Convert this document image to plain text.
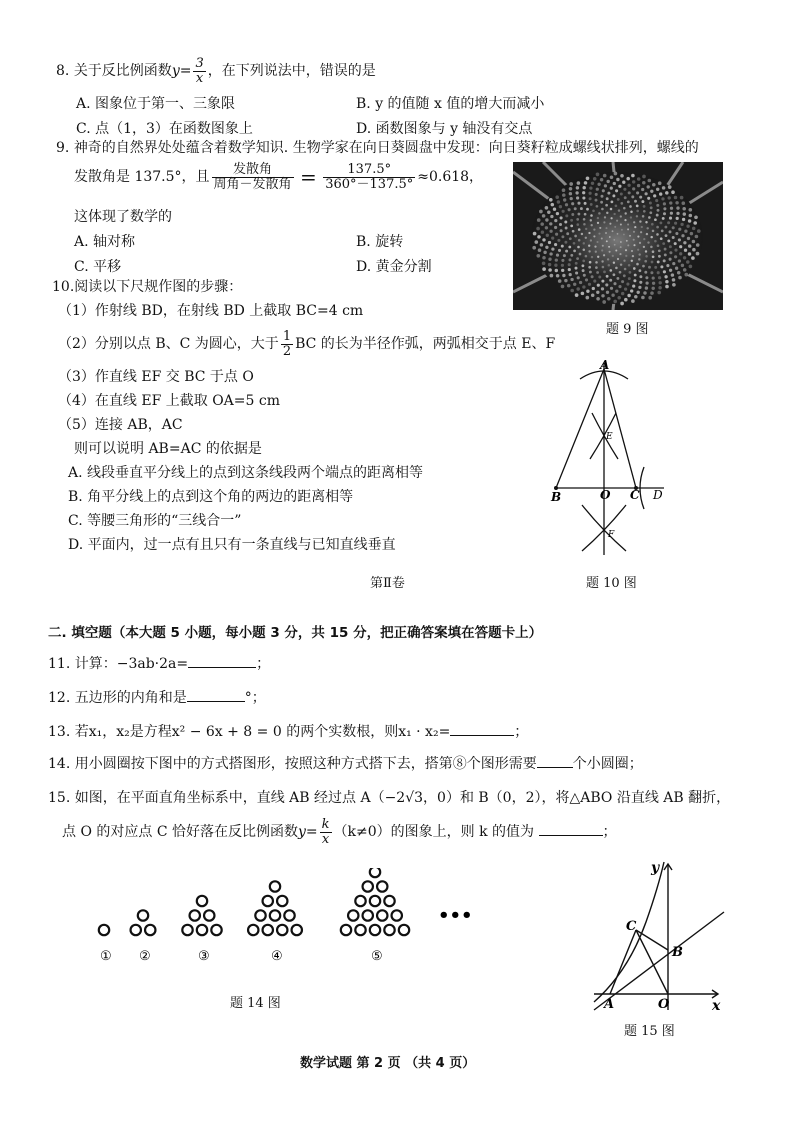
8. 关于反比例函数$y= \frac{3}{x}$ ，在下列说法中，错误的是
A. 图象位于第一、三象限	B. y 的值随 x 值的增大而减小
C. 点（1，3）在函数图象上	D. 函数图象与 y 轴没有交点
9. 神奇的自然界处处蕴含着数学知识. 生物学家在向日葵圆盘中发现：向日葵籽粒成螺线状排列，螺线的
发散角是 137.5°，且 $\frac{\text{发散角}}{\text{周角－发散角}} = \frac{137.5^\circ}{360^\circ-137.5^\circ} \approx 0.618$，
这体现了数学的
A. 轴对称	B. 旋转
C. 平移	D. 黄金分割
题 9 图
10.阅读以下尺规作图的步骤：
（1）作射线 BD，在射线 BD 上截取 BC=4 cm
（2）分别以点 B、C 为圆心，大于 $\frac{1}{2}$ BC 的长为半径作弧，两弧相交于点 E、F
（3）作直线 EF 交 BC 于点 O
（4）在直线 EF 上截取 OA=5 cm
（5）连接 AB，AC
则可以说明 AB=AC 的依据是
A. 线段垂直平分线上的点到这条线段两个端点的距离相等
B. 角平分线上的点到这个角的两边的距离相等
C. 等腰三角形的“三线合一”
D. 平面内，过一点有且只有一条直线与已知直线垂直
A
E
B	O C D
F
第Ⅱ卷	题 10 图
二. 填空题（本大题 5 小题，每小题 3 分，共 15 分，把正确答案填在答题卡上）
11. 计算：−3ab·2a=	；
12. 五边形的内角和是	°；
13. 若x₁，x₂是方程x² − 6x + 8 = 0 的两个实数根，则x₁ · x₂=	；
14. 用小圆圈按下图中的方式搭图形，按照这种方式搭下去，搭第⑧个图形需要	个小圆圈；
15. 如图，在平面直角坐标系中，直线 AB 经过点 A（−2√3，0）和 B（0，2），将△ABO 沿直线 AB 翻折，
点 O 的对应点 C 恰好落在反比例函数$y= \frac{k}{x} (k\ne 0)$的图象上，则 k 的值为	；
① ②	③	④	⑤
•••
题 14 图
y
x
C
B
A	O
题 15 图
数学试题 第 2 页 （共 4 页）
